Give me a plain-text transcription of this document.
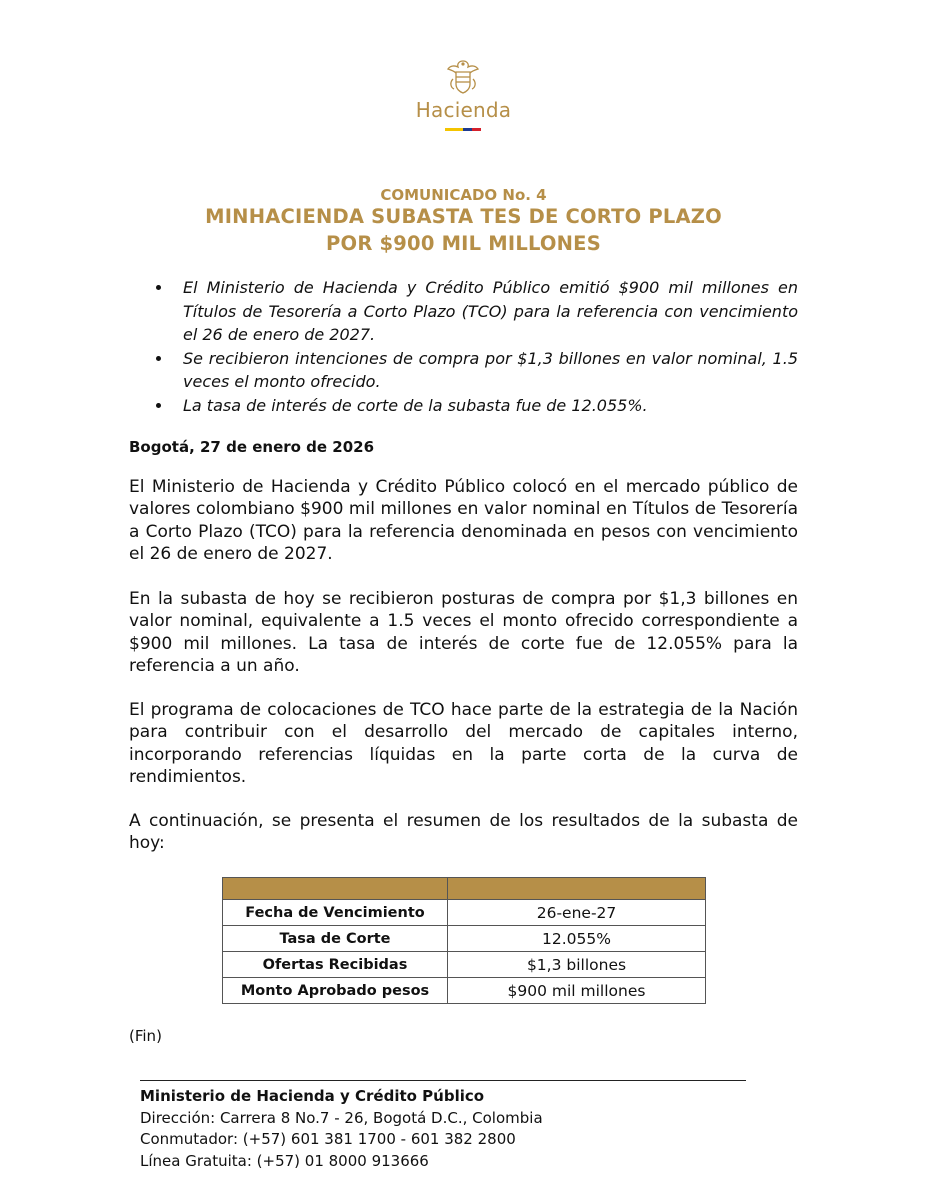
Hacienda
COMUNICADO No. 4
MINHACIENDA SUBASTA TES DE CORTO PLAZO
POR $900 MIL MILLONES
El Ministerio de Hacienda y Crédito Público emitió $900 mil millones en Títulos de Tesorería a Corto Plazo (TCO) para la referencia con vencimiento el 26 de enero de 2027.
Se recibieron intenciones de compra por $1,3 billones en valor nominal, 1.5 veces el monto ofrecido.
La tasa de interés de corte de la subasta fue de 12.055%.
Bogotá, 27 de enero de 2026

El Ministerio de Hacienda y Crédito Público colocó en el mercado público de valores colombiano $900 mil millones en valor nominal en Títulos de Tesorería a Corto Plazo (TCO) para la referencia denominada en pesos con vencimiento el 26 de enero de 2027.

En la subasta de hoy se recibieron posturas de compra por $1,3 billones en valor nominal, equivalente a 1.5 veces el monto ofrecido correspondiente a $900 mil millones. La tasa de interés de corte fue de 12.055% para la referencia a un año.

El programa de colocaciones de TCO hace parte de la estrategia de la Nación para contribuir con el desarrollo del mercado de capitales interno, incorporando referencias líquidas en la parte corta de la curva de rendimientos.

A continuación, se presenta el resumen de los resultados de la subasta de hoy:

Fecha de Vencimiento	26-ene-27
Tasa de Corte	12.055%
Ofertas Recibidas	$1,3 billones
Monto Aprobado pesos	$900 mil millones
(Fin)
Ministerio de Hacienda y Crédito Público
Dirección: Carrera 8 No.7 - 26, Bogotá D.C., Colombia
Conmutador: (+57) 601 381 1700 - 601 382 2800
Línea Gratuita: (+57) 01 8000 913666
